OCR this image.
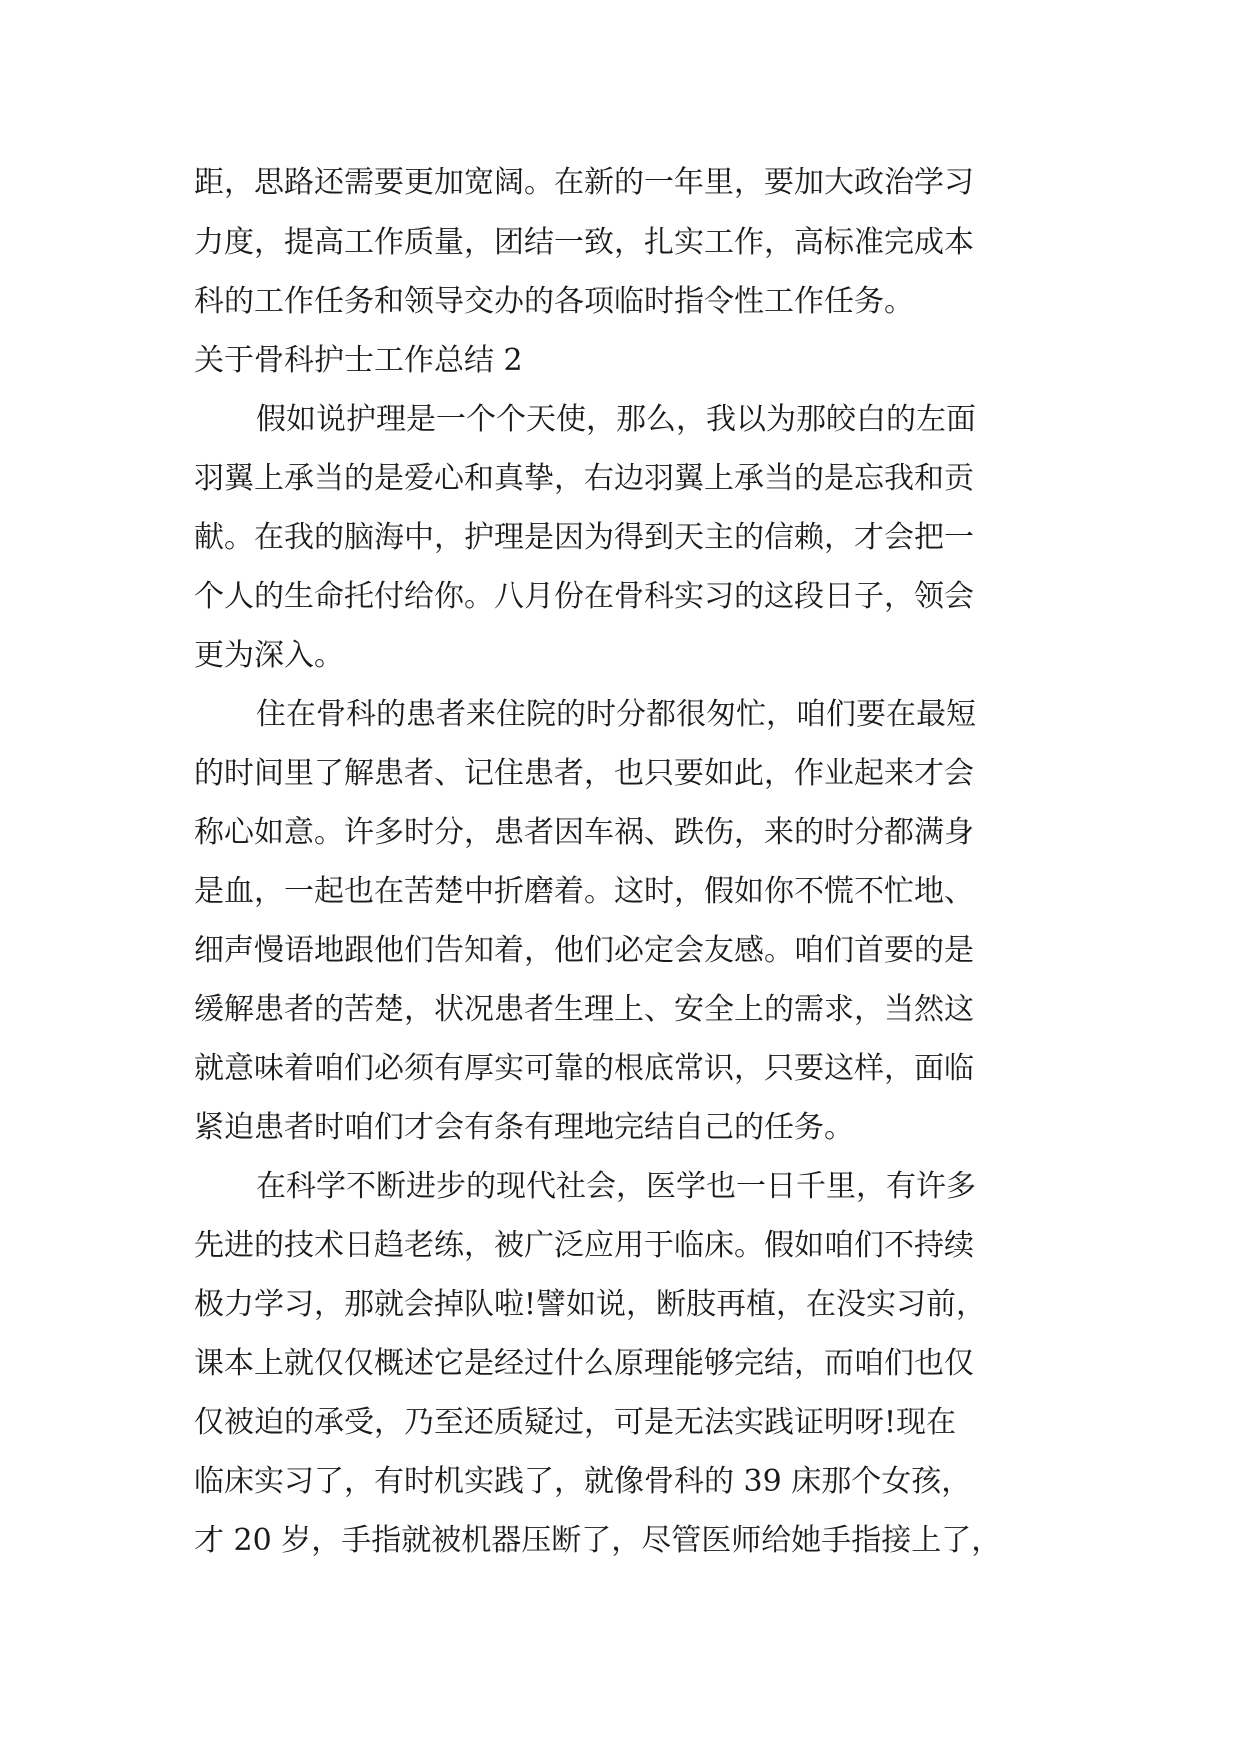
距，思路还需要更加宽阔。在新的一年里，要加大政治学习
力度，提高工作质量，团结一致，扎实工作，高标准完成本
科的工作任务和领导交办的各项临时指令性工作任务。
关于骨科护士工作总结 2
假如说护理是一个个天使，那么，我以为那皎白的左面
羽翼上承当的是爱心和真挚，右边羽翼上承当的是忘我和贡
献。在我的脑海中，护理是因为得到天主的信赖，才会把一
个人的生命托付给你。八月份在骨科实习的这段日子，领会
更为深入。
住在骨科的患者来住院的时分都很匆忙，咱们要在最短
的时间里了解患者、记住患者，也只要如此，作业起来才会
称心如意。许多时分，患者因车祸、跌伤，来的时分都满身
是血，一起也在苦楚中折磨着。这时，假如你不慌不忙地、
细声慢语地跟他们告知着，他们必定会友感。咱们首要的是
缓解患者的苦楚，状况患者生理上、安全上的需求，当然这
就意味着咱们必须有厚实可靠的根底常识，只要这样，面临
紧迫患者时咱们才会有条有理地完结自己的任务。
在科学不断进步的现代社会，医学也一日千里，有许多
先进的技术日趋老练，被广泛应用于临床。假如咱们不持续
极力学习，那就会掉队啦!譬如说，断肢再植，在没实习前，
课本上就仅仅概述它是经过什么原理能够完结，而咱们也仅
仅被迫的承受，乃至还质疑过，可是无法实践证明呀!现在
临床实习了，有时机实践了，就像骨科的 39 床那个女孩，
才 20 岁，手指就被机器压断了，尽管医师给她手指接上了，
